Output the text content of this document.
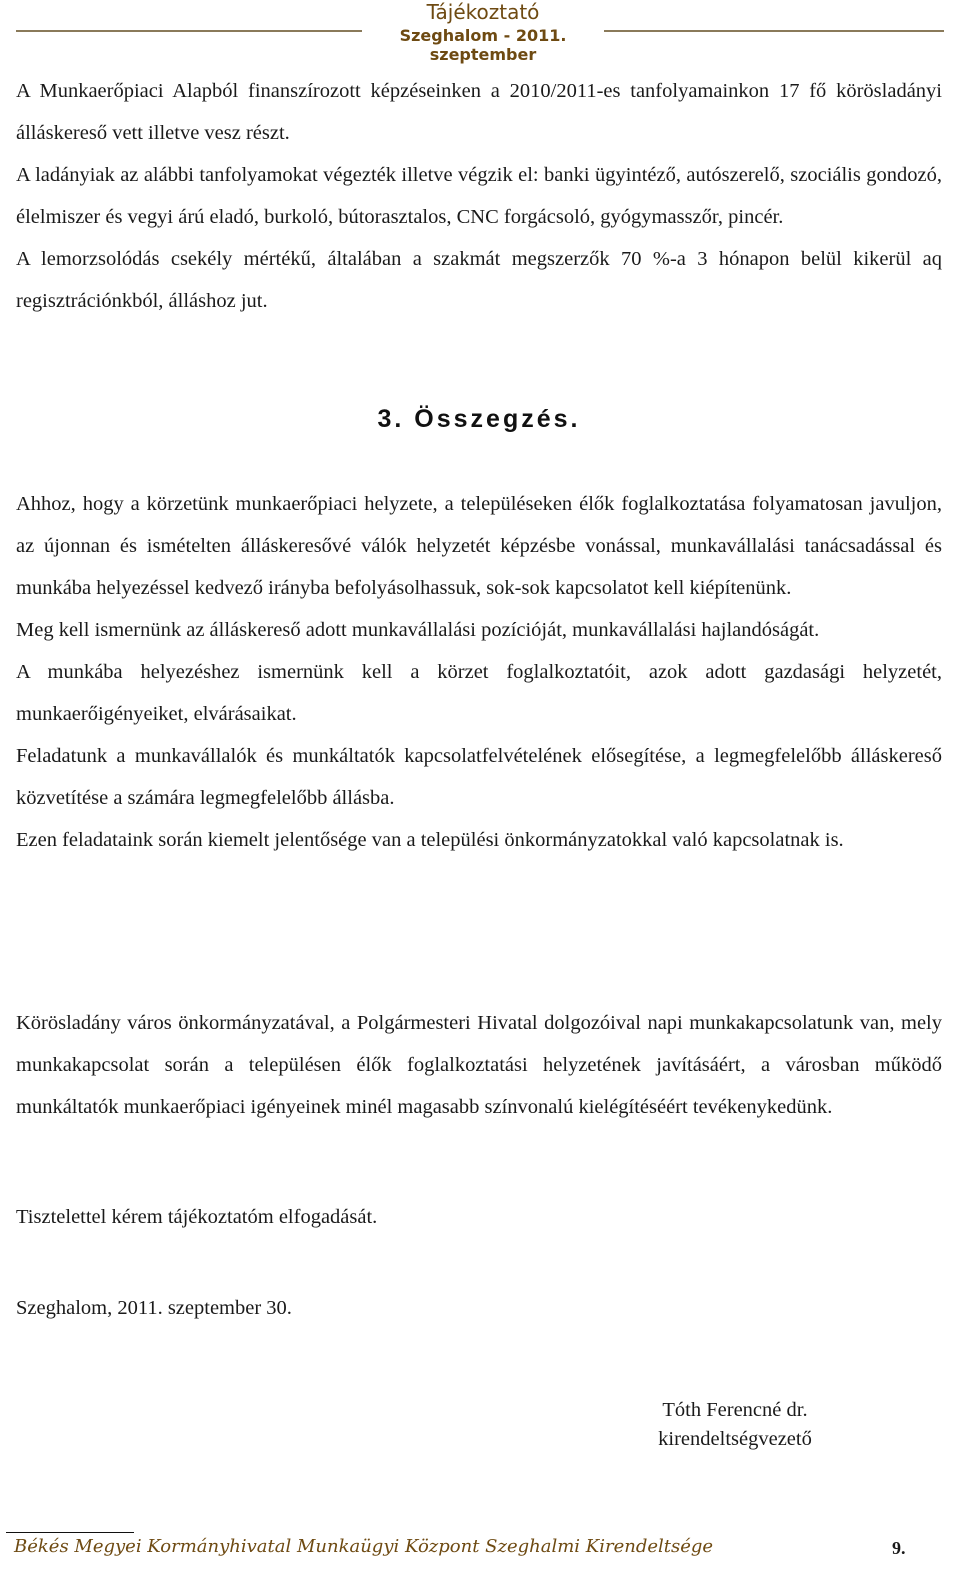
Tájékoztató
Szeghalom - 2011. szeptember

A Munkaerőpiaci Alapból finanszírozott képzéseinken a 2010/2011-es tanfolyamainkon 17 fő körösladányi álláskereső vett illetve vesz részt.

A ladányiak az alábbi tanfolyamokat végezték illetve végzik el: banki ügyintéző, autószerelő, szociális gondozó, élelmiszer és vegyi árú eladó, burkoló, bútorasztalos, CNC forgácsoló, gyógymasszőr, pincér.

A lemorzsolódás csekély mértékű, általában a szakmát megszerzők 70 %-a 3 hónapon belül kikerül aq regisztrációnkból, álláshoz jut.

3. Összegzés.

Ahhoz, hogy a körzetünk munkaerőpiaci helyzete, a településeken élők foglalkoztatása folyamatosan javuljon, az újonnan és ismételten álláskeresővé válók helyzetét képzésbe vonással, munkavállalási tanácsadással és munkába helyezéssel kedvező irányba befolyásolhassuk, sok-sok kapcsolatot kell kiépítenünk.

Meg kell ismernünk az álláskereső adott munkavállalási pozícióját, munkavállalási hajlandóságát.

A munkába helyezéshez ismernünk kell a körzet foglalkoztatóit, azok adott gazdasági helyzetét, munkaerőigényeiket, elvárásaikat.

Feladatunk a munkavállalók és munkáltatók kapcsolatfelvételének elősegítése, a legmegfelelőbb álláskereső közvetítése a számára legmegfelelőbb állásba.

Ezen feladataink során kiemelt jelentősége van a települési önkormányzatokkal való kapcsolatnak is.

Körösladány város önkormányzatával, a Polgármesteri Hivatal dolgozóival napi munkakapcsolatunk van, mely munkakapcsolat során a településen élők foglalkoztatási helyzetének javításáért, a városban működő munkáltatók munkaerőpiaci igényeinek minél magasabb színvonalú kielégítéséért tevékenykedünk.
Tisztelettel kérem tájékoztatóm elfogadását.
Szeghalom, 2011. szeptember 30.
Tóth Ferencné dr.
kirendeltségvezető
Békés Megyei Kormányhivatal Munkaügyi Központ Szeghalmi Kirendeltsége	9.
